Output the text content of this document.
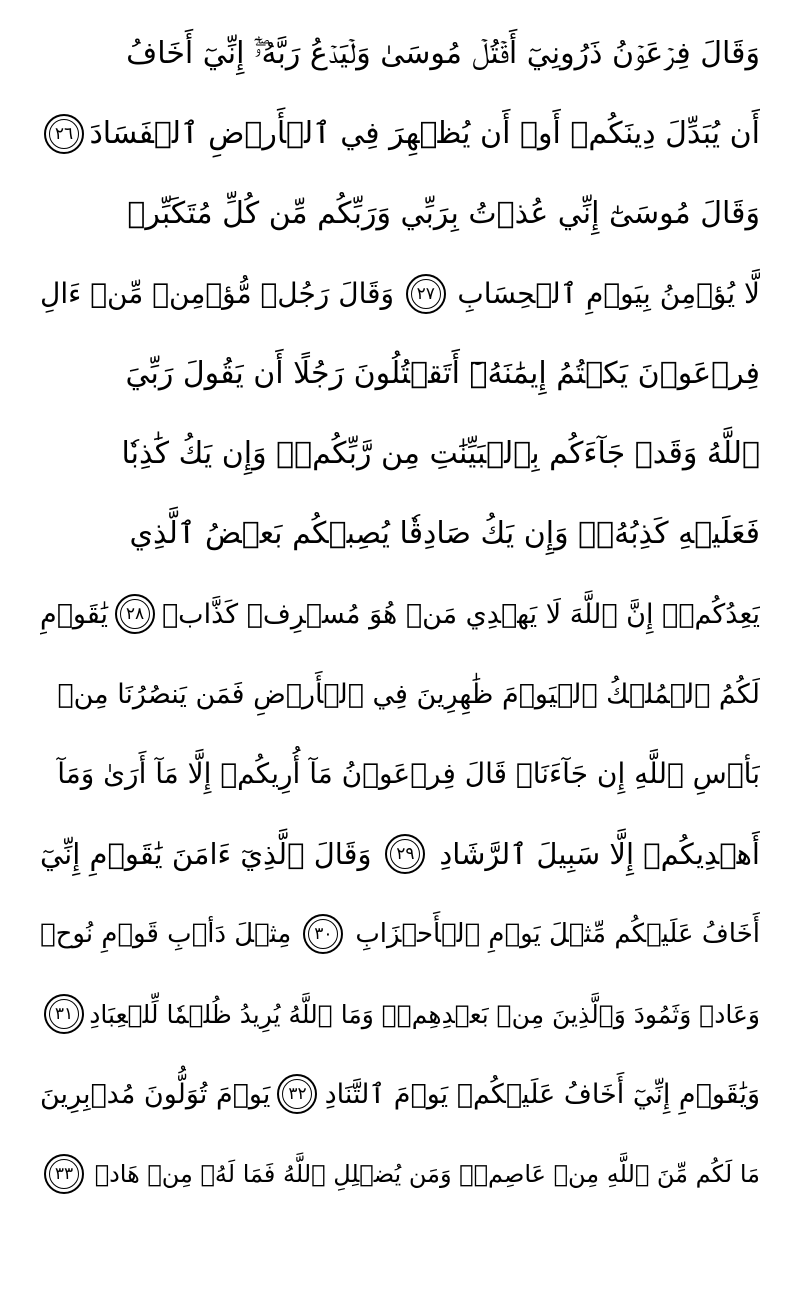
وَقَالَ فِرۡعَوۡنُ ذَرُونِيٓ أَقۡتُلۡ مُوسَىٰ وَلۡيَدۡعُ رَبَّهُۥٓۖ إِنِّيٓ أَخَافُ
أَن يُبَدِّلَ دِينَكُمۡ أَوۡ أَن يُظۡهِرَ فِي ٱلۡأَرۡضِ ٱلۡفَسَادَ
٢٦
وَقَالَ مُوسَىٰٓ إِنِّي عُذۡتُ بِرَبِّي وَرَبِّكُم مِّن كُلِّ مُتَكَبِّرٖ
لَّا يُؤۡمِنُ بِيَوۡمِ ٱلۡحِسَابِ
٢٧
وَقَالَ رَجُلٞ مُّؤۡمِنٞ مِّنۡ ءَالِ
فِرۡعَوۡنَ يَكۡتُمُ إِيمَٰنَهُۥٓ أَتَقۡتُلُونَ رَجُلًا أَن يَقُولَ رَبِّيَ
ٱللَّهُ وَقَدۡ جَآءَكُم بِٱلۡبَيِّنَٰتِ مِن رَّبِّكُمۡۖ وَإِن يَكُ كَٰذِبٗا
فَعَلَيۡهِ كَذِبُهُۥۖ وَإِن يَكُ صَادِقٗا يُصِبۡكُم بَعۡضُ ٱلَّذِي
يَعِدُكُمۡۖ إِنَّ ٱللَّهَ لَا يَهۡدِي مَنۡ هُوَ مُسۡرِفٞ كَذَّابٞ
٢٨
يَٰقَوۡمِ
لَكُمُ ٱلۡمُلۡكُ ٱلۡيَوۡمَ ظَٰهِرِينَ فِي ٱلۡأَرۡضِ فَمَن يَنصُرُنَا مِنۢ
بَأۡسِ ٱللَّهِ إِن جَآءَنَاۚ قَالَ فِرۡعَوۡنُ مَآ أُرِيكُمۡ إِلَّا مَآ أَرَىٰ وَمَآ
أَهۡدِيكُمۡ إِلَّا سَبِيلَ ٱلرَّشَادِ
٢٩
وَقَالَ ٱلَّذِيٓ ءَامَنَ يَٰقَوۡمِ إِنِّيٓ
أَخَافُ عَلَيۡكُم مِّثۡلَ يَوۡمِ ٱلۡأَحۡزَابِ
٣٠
مِثۡلَ دَأۡبِ قَوۡمِ نُوحٖ
وَعَادٖ وَثَمُودَ وَٱلَّذِينَ مِنۢ بَعۡدِهِمۡۚ وَمَا ٱللَّهُ يُرِيدُ ظُلۡمٗا لِّلۡعِبَادِ
٣١
وَيَٰقَوۡمِ إِنِّيٓ أَخَافُ عَلَيۡكُمۡ يَوۡمَ ٱلتَّنَادِ
٣٢
يَوۡمَ تُوَلُّونَ مُدۡبِرِينَ
مَا لَكُم مِّنَ ٱللَّهِ مِنۡ عَاصِمٖۗ وَمَن يُضۡلِلِ ٱللَّهُ فَمَا لَهُۥ مِنۡ هَادٖ
٣٣
